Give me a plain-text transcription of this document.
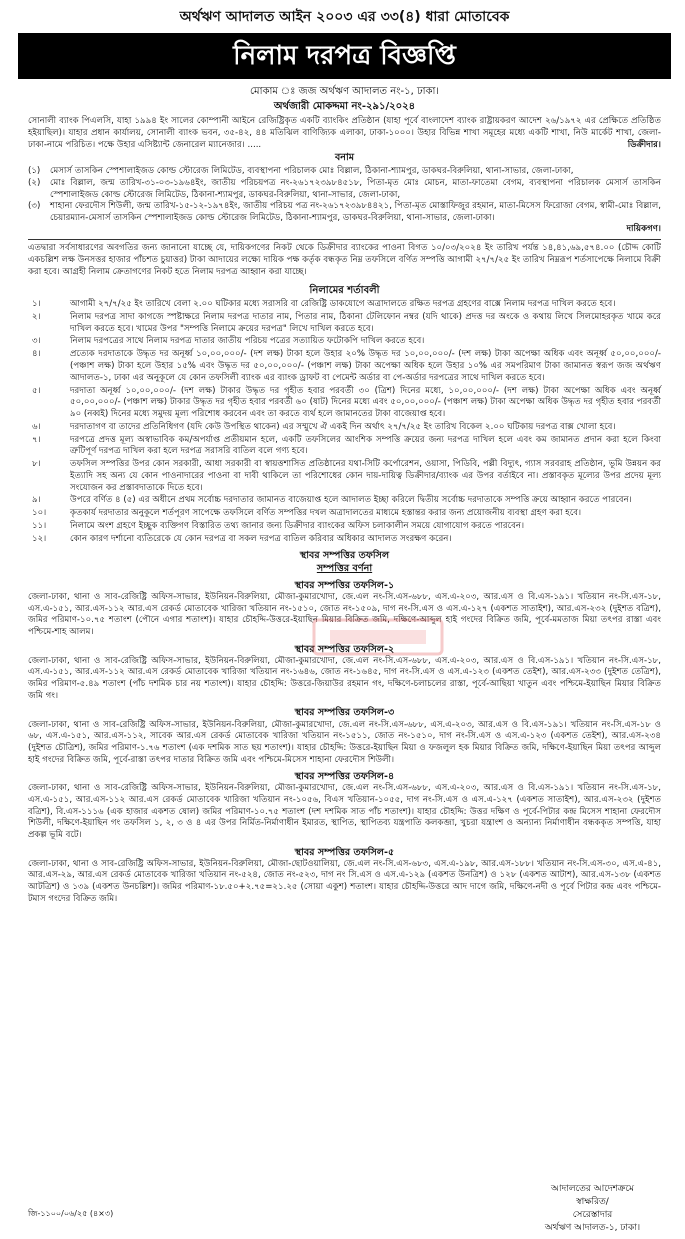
অর্থঋণ আদালত আইন ২০০৩ এর ৩৩(৪) ধারা মোতাবেক
নিলাম দরপত্র বিজ্ঞপ্তি
মোকাম ঃ জজ অর্থঋণ আদালত নং-১, ঢাকা।
অর্থজারী মোকদ্দমা নং-২৯১/২০২৪

সোনালী ব্যাংক পিএলসি, যাহা ১৯৯৪ ইং সালের কোম্পানী আইনে রেজিষ্ট্রিকৃত একটি ব্যাংকিং প্রতিষ্ঠান (যাহা পূর্বে বাংলাদেশ ব্যাংক রাষ্ট্রায়করণ আদেশ ২৬/১৯৭২ এর প্রেক্ষিতে প্রতিষ্ঠিত হইয়াছিল)। যাহার প্রধান কার্যালয়, সোনালী ব্যাংক ভবন, ৩৫-৪২, ৪৪ মতিঝিল বাণিজ্যিক এলাকা, ঢাকা-১০০০। উহার বিভিন্ন শাখা সমূহের মধ্যে একটি শাখা, নিউ মার্কেট শাখা, জেলা-ঢাকা-নামে পরিচিত। পক্ষে উহার এসিষ্ট্যান্ট জেনারেল ম্যানেজার। .....	ডিক্রীদার।

বনাম
(১)	মেসার্স তাসকিন স্পেশালাইজড কোল্ড স্টোরেজ লিমিটেড, ব্যবস্থাপনা পরিচালক মোঃ বিল্লাল, ঠিকানা-শ্যামপুর, ডাকঘর-বিরুলিয়া, থানা-সাভার, জেলা-ঢাকা,
(২)	মোঃ বিল্লাল, জন্ম তারিখ-৩১-০৩-১৯৬৪ইং, জাতীয় পরিচয়পত্র নং-২৬১৭২৩৯৮৪৫১৮, পিতা-মৃত মোঃ মোচন, মাতা-ফাতেমা বেগম, ব্যবস্থাপনা পরিচালক মেসার্স তাসকিন স্পেশালাইজড কোল্ড স্টোরেজ লিমিটেড, ঠিকানা-শ্যামপুর, ডাকঘর-বিরুলিয়া, থানা-সাভার, জেলা-ঢাকা,
(৩)	শাহানা ফেরদৌস শিউলী, জন্ম তারিখ-১৫-১২-১৯৭৪ইং, জাতীয় পরিচয় পত্র নং-২৬১৭২৩৯৮৪৪২১, পিতা-মৃত মোস্তাফিজুর রহমান, মাতা-মিসেস ফিরোজা বেগম, স্বামী-মোঃ বিল্লাল, চেয়ারম্যান-মেসার্স তাসকিন স্পেশালাইজড কোল্ড স্টোরেজ লিমিটেড, ঠিকানা-শ্যামপুর, ডাকঘর-বিরুলিয়া, থানা-সাভার, জেলা-ঢাকা।
দায়িকগণ।

এতদ্বারা সর্বসাধারণের অবগতির জন্য জানানো যাচ্ছে যে, দায়িকগণের নিকট থেকে ডিক্রীদার ব্যাংকের পাওনা বিগত ১০/০৩/২০২৪ ইং তারিখ পর্যন্ত ১৪,৪১,৬৯,৫৭৪.০০ (চৌদ্দ কোটি একচল্লিশ লক্ষ উনসত্তর হাজার পাঁচশত চুয়াত্তর) টাকা আদায়ের লক্ষ্যে দায়িক পক্ষ কর্তৃক বন্ধকৃত নিম্ন তফসিলে বর্ণিত সম্পত্তি আগামী ২৭/৭/২৫ ইং তারিখ নিম্নরূপ শর্তসাপেক্ষে নিলামে বিক্রী করা হবে। আগ্রহী নিলাম ক্রেতাগণের নিকট হতে নিলাম দরপত্র আহ্বান করা যাচ্ছে।

নিলামের শর্তাবলী
১।	আগামী ২৭/৭/২৫ ইং তারিখে বেলা ২.০০ ঘটিকার মধ্যে সরাসরি বা রেজিষ্ট্রি ডাকযোগে অত্রাদালতে রক্ষিত দরপত্র গ্রহণের বাক্সে নিলাম দরপত্র দাখিল করতে হবে।
২।	নিলাম দরপত্র সাদা কাগজে স্পষ্টাক্ষরে নিলাম দরপত্র দাতার নাম, পিতার নাম, ঠিকানা টেলিফোন নম্বর (যদি থাকে) প্রদত্ত দর অংকে ও কথায় লিখে সিলমোহরকৃত খামে করে দাখিল করতে হবে। খামের উপর "সম্পত্তি নিলামে ক্রয়ের দরপত্র" লিখে দাখিল করতে হবে।
৩।	নিলাম দরপত্রের সাথে নিলাম দরপত্র দাতার জাতীয় পরিচয় পত্রের সত্যায়িত ফটোকপি দাখিল করতে হবে।
৪।	প্রত্যেক দরদাতাকে উদ্ধৃত দর অনূর্ধ্ব ১০,০০,০০০/- (দশ লক্ষ) টাকা হলে উহার ২০% উদ্ধৃত দর ১০,০০,০০০/- (দশ লক্ষ) টাকা অপেক্ষা অধিক এবং অনূর্ধ্ব ৫০,০০,০০০/- (পঞ্চাশ লক্ষ) টাকা হলে উহার ১৫% এবং উদ্ধৃত দর ৫০,০০,০০০/- (পঞ্চাশ লক্ষ) টাকা অপেক্ষা অধিক হলে উহার ১০% এর সমপরিমাণ টাকা জামানত স্বরূপ জজ অর্থঋণ আদালত-১, ঢাকা এর অনুকূলে যে কোন তফসিলী ব্যাংক এর ব্যাংক ড্রাফট বা পেমেন্ট অর্ডার বা পে-অর্ডার দরপত্রের সাথে দাখিল করতে হবে।
৫।	দরদাতা অনূর্ধ্ব ১০,০০,০০০/- (দশ লক্ষ) টাকার উদ্ধৃত দর গৃহীত হবার পরবর্তী ৩০ (ত্রিশ) দিনের মধ্যে, ১০,০০,০০০/- (দশ লক্ষ) টাকা অপেক্ষা অধিক এবং অনূর্ধ্ব ৫০,০০,০০০/- (পঞ্চাশ লক্ষ) টাকার উদ্ধৃত দর গৃহীত হবার পরবর্তী ৬০ (ষাট) দিনের মধ্যে এবং ৫০,০০,০০০/- (পঞ্চাশ লক্ষ) টাকা অপেক্ষা অধিক উদ্ধৃত দর গৃহীত হবার পরবর্তী ৯০ (নব্বই) দিনের মধ্যে সমুদয় মূল্য পরিশোধ করবেন এবং তা করতে ব্যর্থ হলে জামানতের টাকা বাজেয়াপ্ত হবে।
৬।	দরদাতাগণ বা তাদের প্রতিনিধিগণ (যদি কেউ উপস্থিত থাকেন) এর সম্মুখে ঐ একই দিন অর্থাৎ ২৭/৭/২৫ ইং তারিখ বিকেল ২.০০ ঘটিকায় দরপত্র বাক্স খোলা হবে।
৭।	দরপত্রে প্রদত্ত মূল্য অস্বাভাবিক কম/অপর্যাপ্ত প্রতীয়মান হলে, একটি তফসিলের আংশিক সম্পত্তি ক্রয়ের জন্য দরপত্র দাখিল হলে এবং কম জামানত প্রদান করা হলে কিংবা ত্রুটিপূর্ণ দরপত্র দাখিল করা হলে দরপত্র সরাসরি বাতিল বলে গণ্য হবে।
৮।	তফসিল সম্পত্তির উপর কোন সরকারী, আধা সরকারী বা স্বায়ত্তশাসিত প্রতিষ্ঠানের যথা-সিটি কর্পোরেশন, ওয়াসা, পিডিবি, পল্লী বিদ্যুৎ, গ্যাস সরবরাহ প্রতিষ্ঠান, ভূমি উন্নয়ন কর ইত্যাদি সহ অন্য যে কোন পাওনাদারের পাওনা বা দাবী থাকিলে তা পরিশোধের কোন দায়-দায়িত্ব ডিক্রীদার/ব্যাংক এর উপর বর্তাইবে না। প্রস্তাবকৃত মূল্যের উপর প্রদেয় মূল্য সংযোজন কর প্রস্তাবদাতাকে দিতে হবে।
৯।	উপরে বর্ণিত ৪ (৫) এর অধীনে প্রথম সর্বোচ্চ দরদাতার জামানত বাজেয়াপ্ত হলে আদালত ইচ্ছা করিলে দ্বিতীয় সর্বোচ্চ দরদাতাকে সম্পত্তি ক্রয়ে আহ্বান করতে পারবেন।
১০।	কৃতকার্য দরদাতার অনুকূলে শর্তপূরণ সাপেক্ষে তফসিলে বর্ণিত সম্পত্তির দখল অত্রাদালতের মাধ্যমে হস্তান্তর করার জন্য প্রয়োজনীয় ব্যবস্থা গ্রহণ করা হবে।
১১।	নিলামে অংশ গ্রহণে ইচ্ছুক ব্যক্তিগণ বিস্তারিত তথ্য জানার জন্য ডিক্রীদার ব্যাংকের অফিস চলাকালীন সময়ে যোগাযোগ করতে পারবেন।
১২।	কোন কারণ দর্শানো ব্যতিরেকে যে কোন দরপত্র বা সকল দরপত্র বাতিল করিবার অধিকার আদালত সংরক্ষণ করেন।
স্থাবর সম্পত্তির তফসিল
সম্পত্তির বর্ণনা
স্থাবর সম্পত্তির তফসিল-১

জেলা-ঢাকা, থানা ও সাব-রেজিষ্ট্রি অফিস-সাভার, ইউনিয়ন-বিরুলিয়া, মৌজা-কুমারখোদা, জে.এল নং-সি.এস-৬৮৮, এস.এ-২০৩, আর.এস ও বি.এস-১৯১। খতিয়ান নং-সি.এস-১৮, এস.এ-১৫১, আর.এস-১১২ আর.এস রেকর্ড মোতাবেক খারিজা খতিয়ান নং-১৫১০, জোত নং-১৫০৯, দাগ নং-সি.এস ও এস.এ-১২৭ (একশত সাতাইশ), আর.এস-২৩২ (দুইশত বত্রিশ), জমির পরিমাণ-১০.৭৫ শতাংশ (পৌনে এগার শতাংশ)। যাহার চৌহদ্দি-উত্তরে-ইয়াছিন মিয়ার বিক্রিত জমি, দক্ষিণে-আব্দুল হাই গংদের বিক্রিত জমি, পূর্বে-মমতাজ মিয়া তৎপর রাস্তা এবং পশ্চিমে-শাহ আলম।

স্থাবর সম্পত্তির তফসিল-২

জেলা-ঢাকা, থানা ও সাব-রেজিষ্ট্রি অফিস-সাভার, ইউনিয়ন-বিরুলিয়া, মৌজা-কুমারখোদা, জে.এল নং-সি.এস-৬৮৮, এস.এ-২০৩, আর.এস ও বি.এস-১৯১। খতিয়ান নং-সি.এস-১৮, এস.এ-১৫১, আর.এস-১১২ আর.এস রেকর্ড মোতাবেক খারিজা খতিয়ান নং-১৬৪৬, জোত নং-১৬৪৫, দাগ নং-সি.এস ও এস.এ-১২৩ (একশত তেইশ), আর.এস-২৩৩ (দুইশত তেত্রিশ), জমির পরিমাণ-৫.৪৯ শতাংশ (পাঁচ দশমিক চার নয় শতাংশ)। যাহার চৌহদ্দি: উত্তরে-জিয়াউর রহমান গং, দক্ষিণে-চলাচলের রাস্তা, পূর্বে-আছিয়া খাতুন এবং পশ্চিমে-ইয়াছিন মিয়ার বিক্রিত জমি গং।

স্থাবর সম্পত্তির তফসিল-৩

জেলা-ঢাকা, থানা ও সাব-রেজিষ্ট্রি অফিস-সাভার, ইউনিয়ন-বিরুলিয়া, মৌজা-কুমারখোদা, জে.এল নং-সি.এস-৬৮৮, এস.এ-২০৩, আর.এস ও বি.এস-১৯১। খতিয়ান নং-সি.এস-১৮ ও ৬৮, এস.এ-১৫১, আর.এস-১১২, সাবেক আর.এস রেকর্ড মোতাবেক খারিজা খতিয়ান নং-১৫১১, জোত নং-১৫১০, দাগ নং-সি.এস ও এস.এ-১২৩ (একশত তেইশ), আর.এস-২৩৪ (দুইশত চৌত্রিশ), জমির পরিমাণ-১.৭৬ শতাংশ (এক দশমিক সাত ছয় শতাংশ)। যাহার চৌহদ্দি: উত্তরে-ইয়াছিন মিয়া ও ফজলুল হক মিয়ার বিক্রিত জমি, দক্ষিণে-ইয়াছিন মিয়া তৎপর আব্দুল হাই গংদের বিক্রিত জমি, পূর্বে-রাস্তা তৎপর দাতার বিক্রিত জমি এবং পশ্চিমে-মিসেস শাহানা ফেরদৌস শিউলী।

স্থাবর সম্পত্তির তফসিল-৪

জেলা-ঢাকা, থানা ও সাব-রেজিষ্ট্রি অফিস-সাভার, ইউনিয়ন-বিরুলিয়া, মৌজা-কুমারখোদা, জে.এল নং-সি.এস-৬৮৮, এস.এ-২০৩, আর.এস ও বি.এস-১৯১। খতিয়ান নং-সি.এস-১৮, এস.এ-১৫১, আর.এস-১১২ আর.এস রেকর্ড মোতাবেক খারিজা খতিয়ান নং-১০৫৬, বিএস খতিয়ান-১০৫৫, দাগ নং-সি.এস ও এস.এ-১২৭ (একশত সাতাইশ), আর.এস-২৩২ (দুইশত বত্রিশ), বি.এস-১১১৬ (এক হাজার একশত ষোল) জমির পরিমাণ-১০.৭৫ শতাংশ (দশ দশমিক সাত পাঁচ শতাংশ)। যাহার চৌহদ্দি: উত্তর দক্ষিণ ও পূর্বে-পিটার কন্দ্র মিসেস শাহানা ফেরদৌস শিউলী, দক্ষিণে-ইয়াছিন গং তফসিল ১, ২, ৩ ও ৪ এর উপর নির্মিত-নির্মাণাধীন ইমারত, স্থাপিত, স্থাপিতব্য যন্ত্রপাতি কলকব্জা, খুচরা যন্ত্রাংশ ও অন্যান্য নির্মাণাধীন বন্ধককৃত সম্পত্তি, যাহা প্রকল্প ভূমি বটে।

স্থাবর সম্পত্তির তফসিল-৫

জেলা-ঢাকা, থানা ও সাব-রেজিষ্ট্রি অফিস-সাভার, ইউনিয়ন-বিরুলিয়া, মৌজা-ছোটওয়ালিয়া, জে.এল নং-সি.এস-৬৮৩, এস.এ-১৯৮, আর.এস-১৮৮। খতিয়ান নং-সি.এস-৩০, এস.এ-৪১, আর.এস-২৯, আর.এস রেকর্ড মোতাবেক খারিজা খতিয়ান নং-৫২৪, জোত নং-৫২৩, দাগ নং সি.এস ও এস.এ-১২৯ (একশত উনত্রিশ) ও ১২৮ (একশত আটাশ), আর.এস-১৩৮ (একশত আটত্রিশ) ও ১৩৯ (একশত উনচল্লিশ)। জমির পরিমাণ-১৮.৫০+২.৭৫=২১.২৫ (সোয়া একুশ) শতাংশ। যাহার চৌহদ্দি-উত্তরে আদ দাগে জমি, দক্ষিণে-নদী ও পূর্বে পিটার কন্দ্র এবং পশ্চিমে-টমাস গংদের বিক্রিত জমি।

আদালতের আদেশক্রমে
স্বাক্ষরিত/
সেরেস্তাদার
অর্থঋণ আদালত-১, ঢাকা।
জি-১১০০/০৬/২৫ (৪×৩)
